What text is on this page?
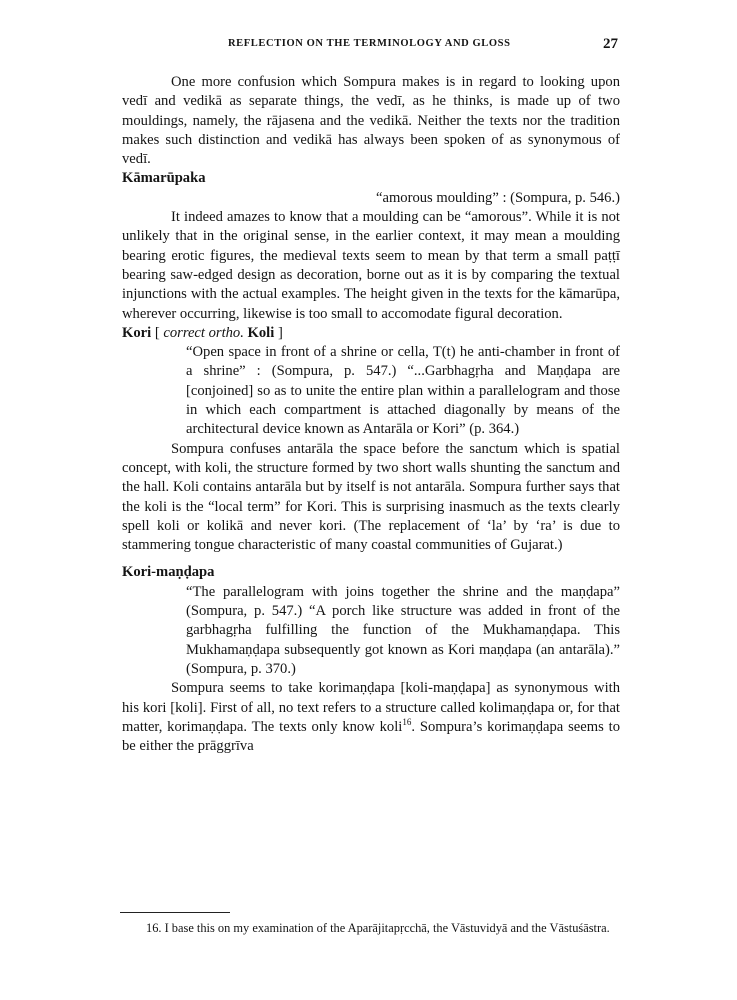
REFLECTION ON THE TERMINOLOGY AND GLOSS	27

One more confusion which Sompura makes is in regard to looking upon vedī and vedikā as separate things, the vedī, as he thinks, is made up of two mouldings, namely, the rājasena and the vedikā. Neither the texts nor the tradition makes such distinction and vedikā has always been spoken of as synonymous of vedī.

Kāmarūpaka

“amorous moulding” : (Sompura, p. 546.)

It indeed amazes to know that a moulding can be “amorous”. While it is not unlikely that in the original sense, in the earlier context, it may mean a moulding bearing erotic figures, the medieval texts seem to mean by that term a small paṭṭī bearing saw-edged design as decoration, borne out as it is by comparing the textual injunctions with the actual examples. The height given in the texts for the kāmarūpa, wherever occurring, likewise is too small to accomodate figural decoration.

Kori [ correct ortho. Koli ]

“Open space in front of a shrine or cella, T(t) he anti-chamber in front of a shrine” : (Sompura, p. 547.) “...Garbhagṛha and Maṇḍapa are [conjoined] so as to unite the entire plan within a parallelogram and those in which each compartment is attached diagonally by means of the architectural device known as Antarāla or Kori” (p. 364.)

Sompura confuses antarāla the space before the sanctum which is spatial concept, with koli, the structure formed by two short walls shunting the sanctum and the hall. Koli contains antarāla but by itself is not antarāla. Sompura further says that the koli is the “local term” for Kori. This is surprising inasmuch as the texts clearly spell koli or kolikā and never kori. (The replacement of ‘la’ by ‘ra’ is due to stammering tongue characteristic of many coastal communities of Gujarat.)

Kori-maṇḍapa

“The parallelogram with joins together the shrine and the maṇḍapa” (Sompura, p. 547.) “A porch like structure was added in front of the garbhagṛha fulfilling the function of the Mukhamaṇḍapa. This Mukhamaṇḍapa subsequently got known as Kori maṇḍapa (an antarāla).” (Sompura, p. 370.)

Sompura seems to take korimaṇḍapa [koli-maṇḍapa] as synonymous with his kori [koli]. First of all, no text refers to a structure called kolimaṇḍapa or, for that matter, korimaṇḍapa. The texts only know koli$^{16}$. Sompura’s korimaṇḍapa seems to be either the prāggrīva

16. I base this on my examination of the Aparājitapṛcchā, the Vāstuvidyā and the Vāstuśāstra.
